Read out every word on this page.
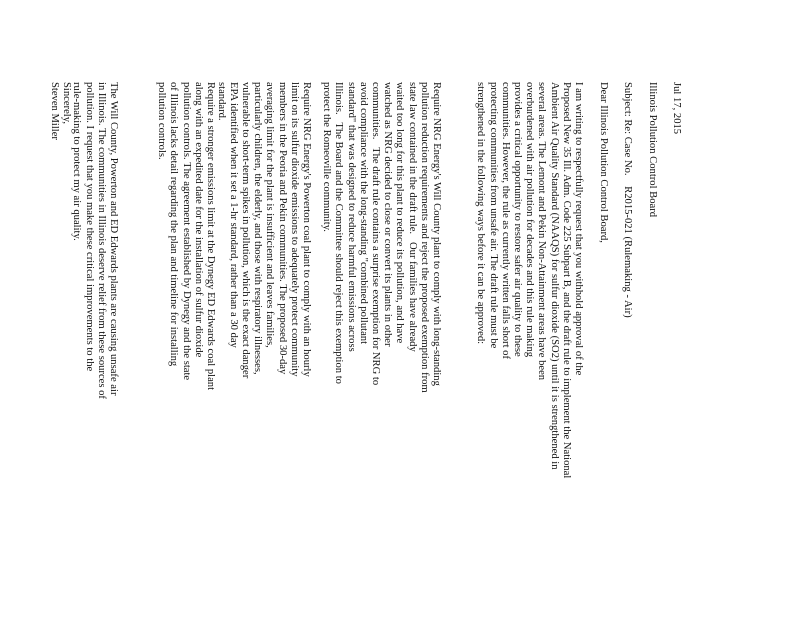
Jul 17, 2015
Illinois Pollution Control Board
Subject: Re: Case No.    R2015-021 (Rulemaking - Air)
Dear Illinois Pollution Control Board,
I am writing to respectfully request that you withhold approval of the
Proposed New 35 Ill. Adm. Code 225 Subpart B, and the draft rule to implement the National
Ambient Air Quality Standard (NAAQS) for sulfur dioxide (SO2) until it is strengthened in
several areas. The Lemont and Pekin Non-Attainment areas have been
overburdened with air pollution for decades and this rule making
provides a critical opportunity to restore safer air quality to these
communities. However, the rule as currently written falls short of
protecting communities from unsafe air. The draft rule must be
strengthened in the following ways before it can be approved:
Require NRG Energy's Will County plant to comply with long-standing
pollution reduction requirements and reject the proposed exemption from
state law contained in the draft rule.   Our families have already
waited too long for this plant to reduce its pollution, and have
watched as NRG decided to close or convert its plants in other
communities.   The draft rule contains a surprise exemption for NRG to
avoid compliance with the long-standing "combined pollutant
standard" that was designed to reduce harmful emissions across
Illinois.   The Board and the Committee should reject this exemption to
protect the Romeoville community.
Require NRG Energy's Powerton coal plant to comply with an hourly
limit on its sulfur dioxide emissions to adequately protect community
members in the Peoria and Pekin communities. The proposed 30-day
averaging limit for the plant is insufficient and leaves families,
particularly children, the elderly, and those with respiratory illnesses,
vulnerable to short-term spikes in pollution, which is the exact danger
EPA identified when it set a 1-hr standard, rather than a 30 day
standard.
Require a stronger emissions limit at the Dynegy ED Edwards coal plant
along with an expedited date for the installation of sulfur dioxide
pollution controls. The agreement established by Dynegy and the state
of Illinois lacks detail regarding the plan and timeline for installing
pollution controls.
The Will County, Powerton and ED Edwards plants are causing unsafe air
in Illinois. The communities in Illinois deserve relief from these sources of
pollution. I request that you make these critical improvements to the
rule-making to protect my air quality.
Sincerely,
Steven Miller
